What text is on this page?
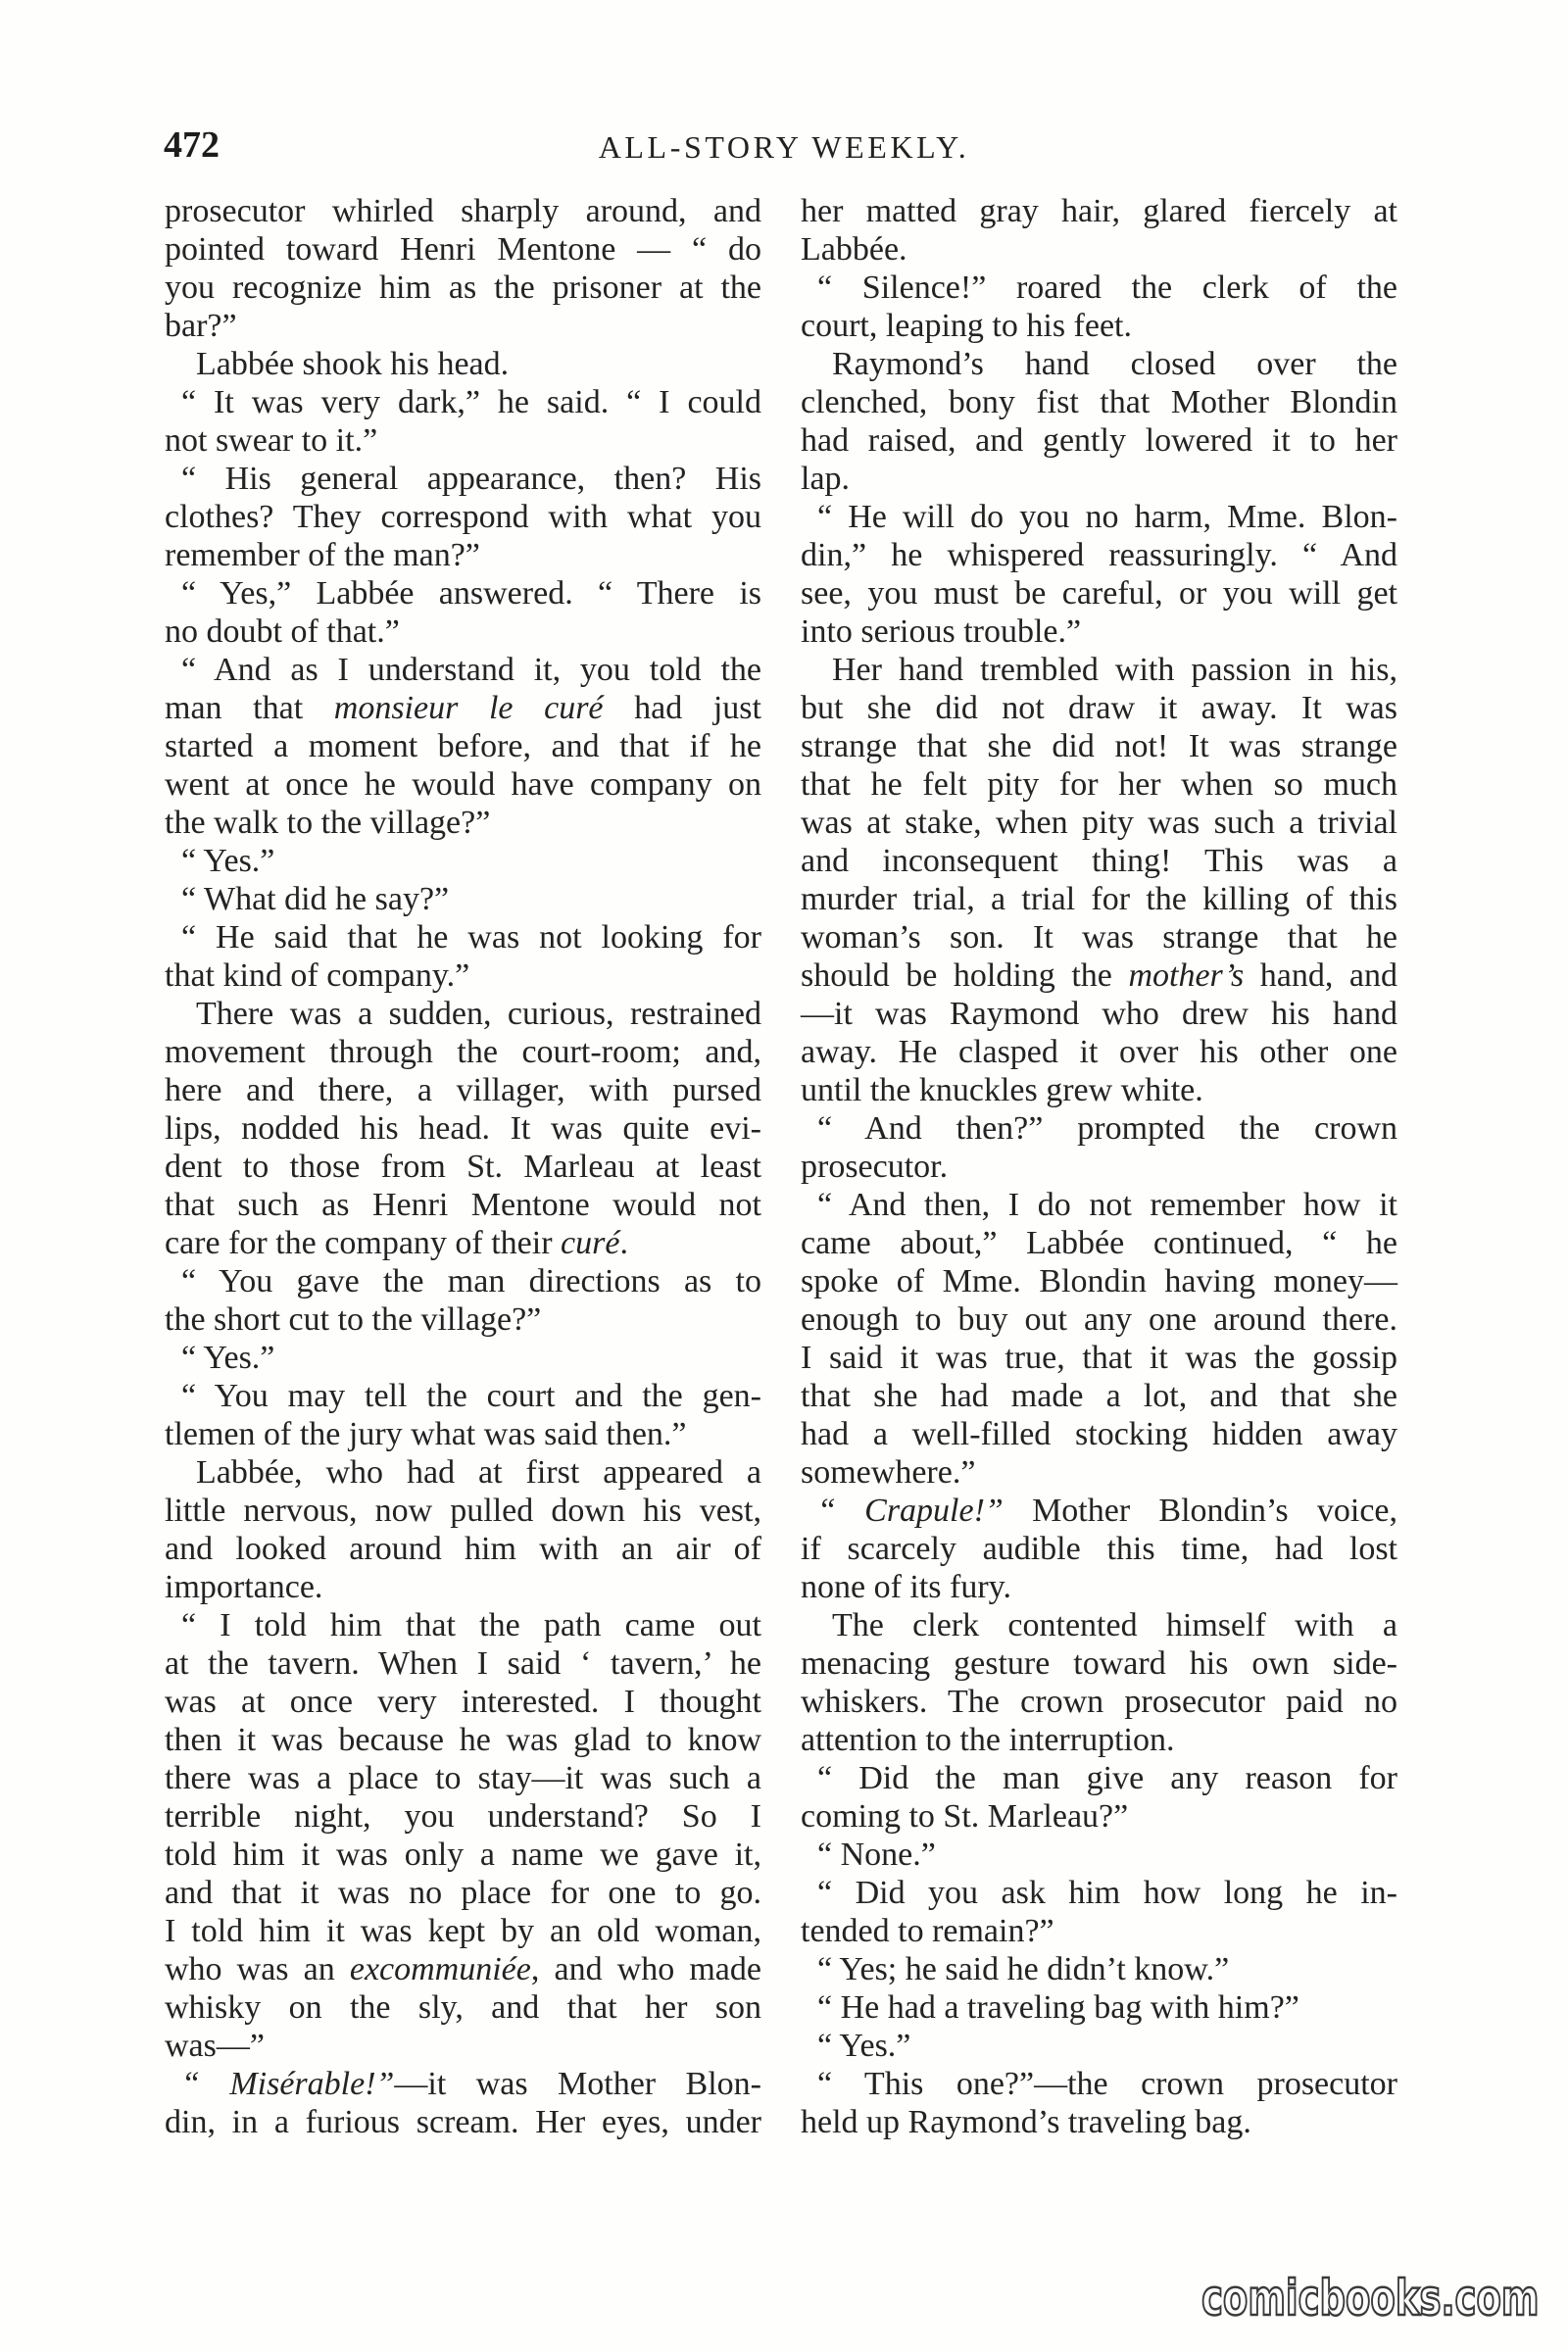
472	ALL-STORY WEEKLY.
prosecutor whirled sharply around, and
pointed toward Henri Mentone — “ do
you recognize him as the prisoner at the
bar?”
Labbée shook his head.
“ It was very dark,” he said. “ I could
not swear to it.”
“ His general appearance, then? His
clothes? They correspond with what you
remember of the man?”
“ Yes,” Labbée answered. “ There is
no doubt of that.”
“ And as I understand it, you told the
man that monsieur le curé had just
started a moment before, and that if he
went at once he would have company on
the walk to the village?”
“ Yes.”
“ What did he say?”
“ He said that he was not looking for
that kind of company.”
There was a sudden, curious, restrained
movement through the court-room; and,
here and there, a villager, with pursed
lips, nodded his head. It was quite evi-
dent to those from St. Marleau at least
that such as Henri Mentone would not
care for the company of their curé.
“ You gave the man directions as to
the short cut to the village?”
“ Yes.”
“ You may tell the court and the gen-
tlemen of the jury what was said then.”
Labbée, who had at first appeared a
little nervous, now pulled down his vest,
and looked around him with an air of
importance.
“ I told him that the path came out
at the tavern. When I said ‘ tavern,’ he
was at once very interested. I thought
then it was because he was glad to know
there was a place to stay—it was such a
terrible night, you understand? So I
told him it was only a name we gave it,
and that it was no place for one to go.
I told him it was kept by an old woman,
who was an excommuniée, and who made
whisky on the sly, and that her son
was—”
“ Misérable!”—it was Mother Blon-
din, in a furious scream. Her eyes, under
her matted gray hair, glared fiercely at
Labbée.
“ Silence!” roared the clerk of the
court, leaping to his feet.
Raymond’s hand closed over the
clenched, bony fist that Mother Blondin
had raised, and gently lowered it to her
lap.
“ He will do you no harm, Mme. Blon-
din,” he whispered reassuringly. “ And
see, you must be careful, or you will get
into serious trouble.”
Her hand trembled with passion in his,
but she did not draw it away. It was
strange that she did not! It was strange
that he felt pity for her when so much
was at stake, when pity was such a trivial
and inconsequent thing! This was a
murder trial, a trial for the killing of this
woman’s son. It was strange that he
should be holding the mother’s hand, and
—it was Raymond who drew his hand
away. He clasped it over his other one
until the knuckles grew white.
“ And then?” prompted the crown
prosecutor.
“ And then, I do not remember how it
came about,” Labbée continued, “ he
spoke of Mme. Blondin having money—
enough to buy out any one around there.
I said it was true, that it was the gossip
that she had made a lot, and that she
had a well-filled stocking hidden away
somewhere.”
“ Crapule!” Mother Blondin’s voice,
if scarcely audible this time, had lost
none of its fury.
The clerk contented himself with a
menacing gesture toward his own side-
whiskers. The crown prosecutor paid no
attention to the interruption.
“ Did the man give any reason for
coming to St. Marleau?”
“ None.”
“ Did you ask him how long he in-
tended to remain?”
“ Yes; he said he didn’t know.”
“ He had a traveling bag with him?”
“ Yes.”
“ This one?”—the crown prosecutor
held up Raymond’s traveling bag.
comicbooks.com
